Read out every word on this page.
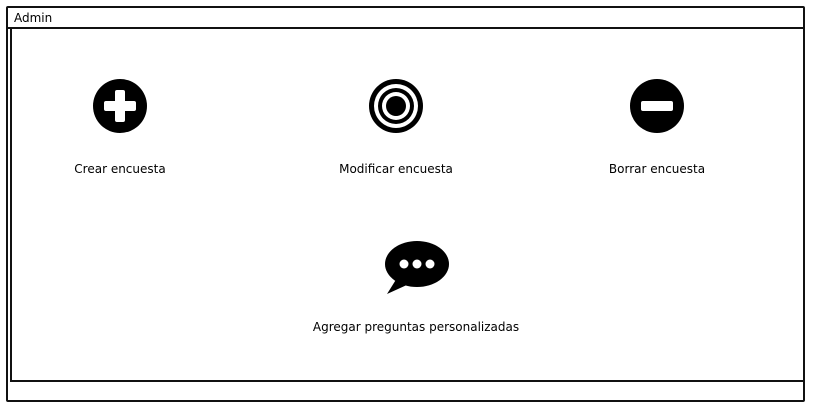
Admin
Crear encuesta	Modificar encuesta	Borrar encuesta
Agregar preguntas personalizadas
